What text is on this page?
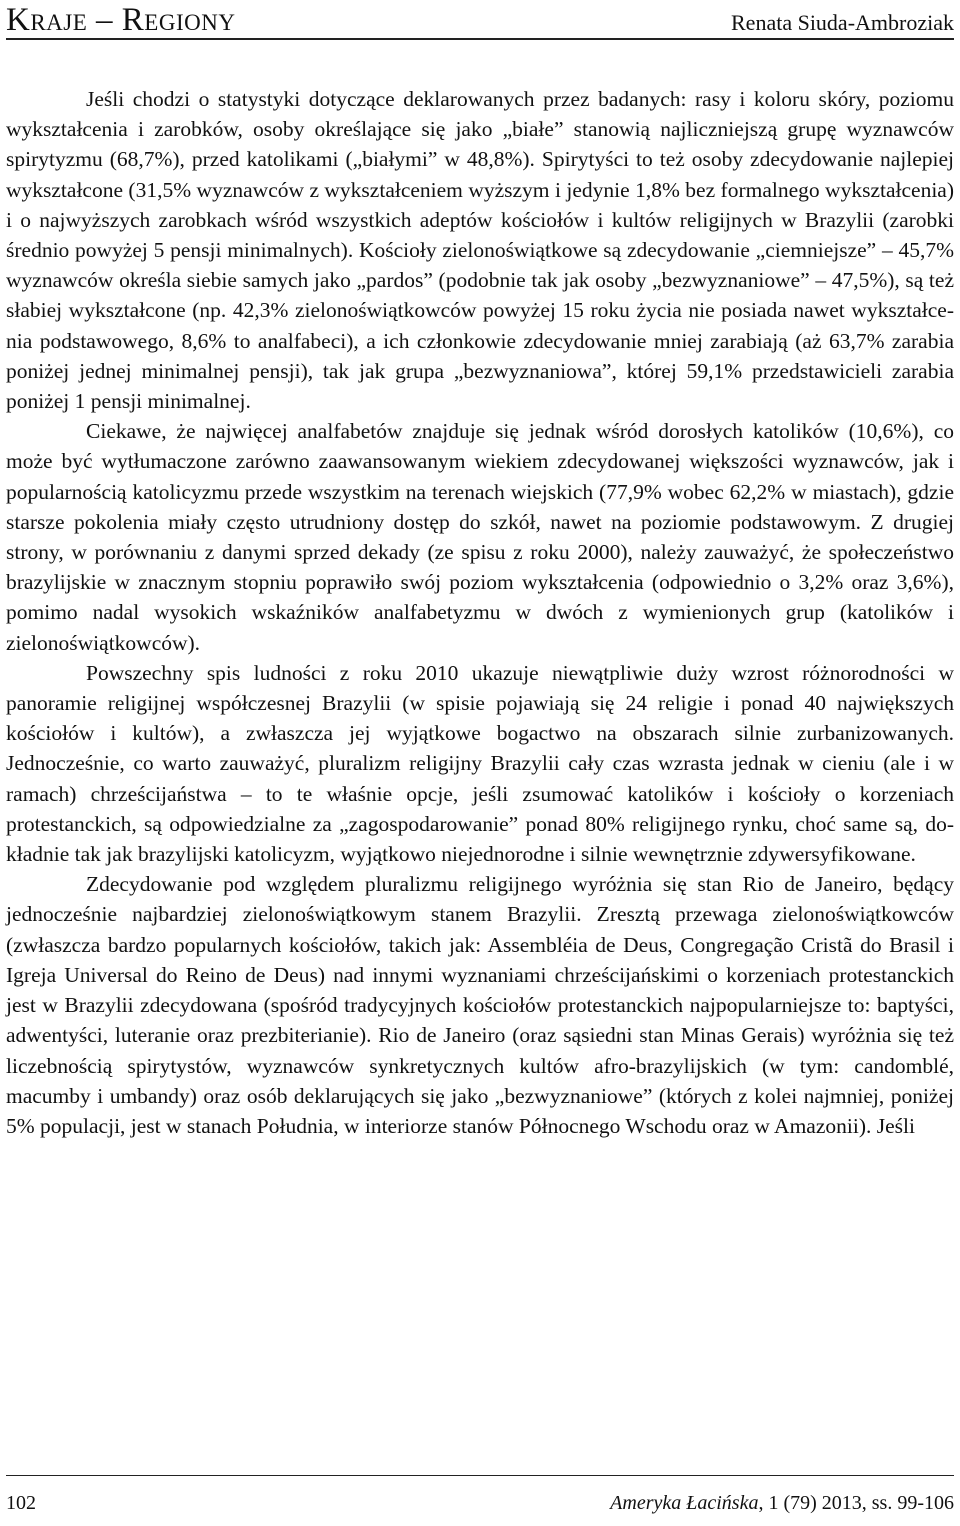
Kraje – Regiony	Renata Siuda-Ambroziak

Jeśli chodzi o statystyki dotyczące deklarowanych przez badanych: rasy i koloru skóry, poziomu wykształcenia i zarobków, osoby określające się jako „białe” stanowią najliczniejszą grupę wyznawców spirytyzmu (68,7%), przed katolikami („białymi” w 48,8%). Spirytyści to też osoby zdecydowanie najlepiej wykształcone (31,5% wyznawców z wykształceniem wyższym i jedynie 1,8% bez formalnego wykształcenia) i o najwyższych zarobkach wśród wszystkich adeptów kościołów i kultów religijnych w Brazylii (zarobki średnio powyżej 5 pensji minimalnych). Kościoły zielonoświątkowe są zdecydowanie „ciemniejsze” – 45,7% wyznawców określa siebie samych jako „pardos” (podobnie tak jak osoby „bezwyznaniowe” – 47,5%), są też słabiej wykształcone (np. 42,3% zielonoświątkowców powyżej 15 roku życia nie posiada nawet wykształcenia podstawowego, 8,6% to analfabeci), a ich członkowie zdecydowanie mniej zarabiają (aż 63,7% zarabia poniżej jednej minimalnej pensji), tak jak grupa „bezwyznaniowa”, której 59,1% przedstawicieli zarabia poniżej 1 pensji minimalnej.

Ciekawe, że najwięcej analfabetów znajduje się jednak wśród dorosłych katolików (10,6%), co może być wytłumaczone zarówno zaawansowanym wiekiem zdecydowanej większości wyznawców, jak i popularnością katolicyzmu przede wszystkim na terenach wiejskich (77,9% wobec 62,2% w miastach), gdzie starsze pokolenia miały często utrudniony dostęp do szkół, nawet na poziomie podstawowym. Z drugiej strony, w porównaniu z danymi sprzed dekady (ze spisu z roku 2000), należy zauważyć, że społeczeństwo brazylijskie w znacznym stopniu poprawiło swój poziom wykształcenia (odpowiednio o 3,2% oraz 3,6%), pomimo nadal wysokich wskaźników analfabetyzmu w dwóch z wymienionych grup (katolików i zielonoświątkowców).

Powszechny spis ludności z roku 2010 ukazuje niewątpliwie duży wzrost różnorodności w panoramie religijnej współczesnej Brazylii (w spisie pojawiają się 24 religie i ponad 40 największych kościołów i kultów), a zwłaszcza jej wyjątkowe bogactwo na obszarach silnie zurbanizowanych. Jednocześnie, co warto zauważyć, pluralizm religijny Brazylii cały czas wzrasta jednak w cieniu (ale i w ramach) chrześcijaństwa – to te właśnie opcje, jeśli zsumować katolików i kościoły o korzeniach protestanckich, są odpowiedzialne za „zagospodarowanie” ponad 80% religijnego rynku, choć same są, dokładnie tak jak brazylijski katolicyzm, wyjątkowo niejednorodne i silnie wewnętrznie zdywersyfikowane.

Zdecydowanie pod względem pluralizmu religijnego wyróżnia się stan Rio de Janeiro, będący jednocześnie najbardziej zielonoświątkowym stanem Brazylii. Zresztą przewaga zielonoświątkowców (zwłaszcza bardzo popularnych kościołów, takich jak: Assembléia de Deus, Congregação Cristã do Brasil i Igreja Universal do Reino de Deus) nad innymi wyznaniami chrześcijańskimi o korzeniach protestanckich jest w Brazylii zdecydowana (spośród tradycyjnych kościołów protestanckich najpopularniejsze to: baptyści, adwentyści, luteranie oraz prezbiterianie). Rio de Janeiro (oraz sąsiedni stan Minas Gerais) wyróżnia się też liczebnością spirytystów, wyznawców synkretycznych kultów afro-brazylijskich (w tym: candomblé, macumby i umbandy) oraz osób deklarujących się jako „bezwyznaniowe” (których z kolei najmniej, poniżej 5% populacji, jest w stanach Południa, w interiorze stanów Północnego Wschodu oraz w Amazonii). Jeśli

102	Ameryka Łacińska, 1 (79) 2013, ss. 99-106
